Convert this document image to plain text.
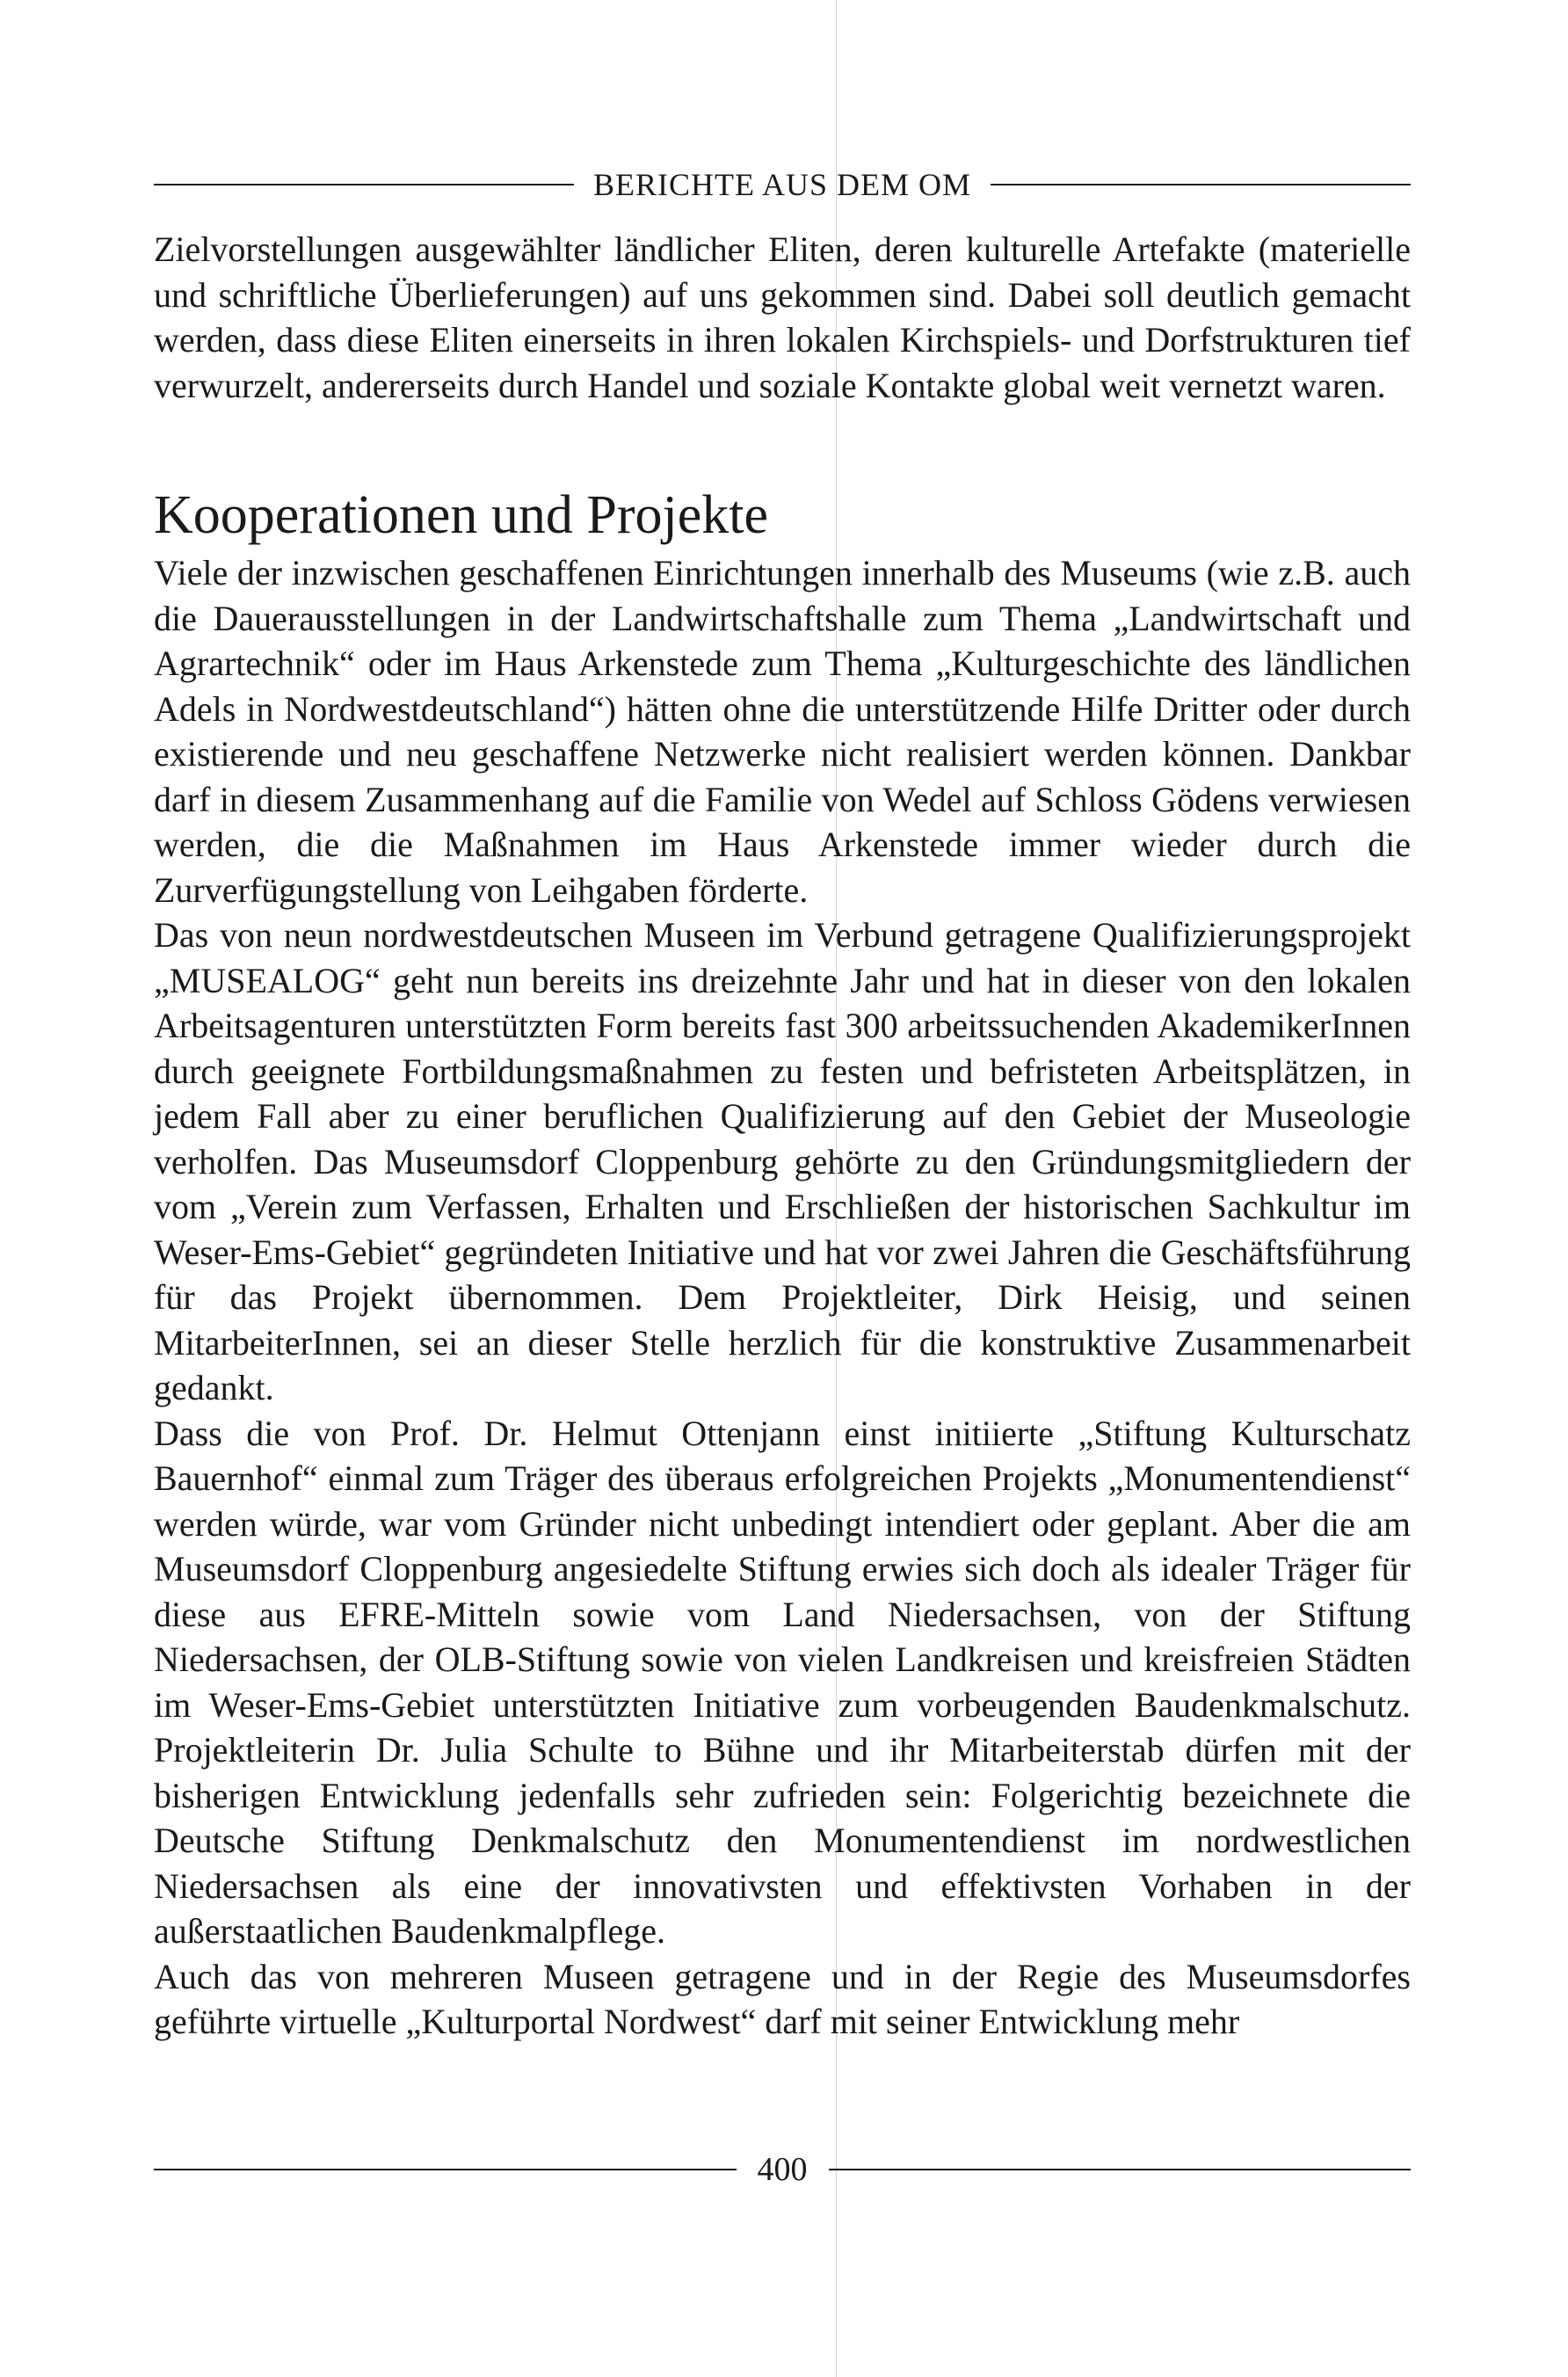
BERICHTE AUS DEM OM

Zielvorstellungen ausgewählter ländlicher Eliten, deren kulturelle Artefakte (materielle und schriftliche Überlieferungen) auf uns gekommen sind. Dabei soll deutlich gemacht werden, dass diese Eliten einerseits in ihren lokalen Kirchspiels- und Dorfstrukturen tief verwurzelt, andererseits durch Handel und soziale Kontakte global weit vernetzt waren.

Kooperationen und Projekte

Viele der inzwischen geschaffenen Einrichtungen innerhalb des Museums (wie z.B. auch die Dauerausstellungen in der Landwirtschaftshalle zum Thema „Landwirtschaft und Agrartechnik“ oder im Haus Arkenstede zum Thema „Kulturgeschichte des ländlichen Adels in Nordwestdeutschland“) hätten ohne die unterstützende Hilfe Dritter oder durch existierende und neu geschaffene Netzwerke nicht realisiert werden können. Dankbar darf in diesem Zusammenhang auf die Familie von Wedel auf Schloss Gödens verwiesen werden, die die Maßnahmen im Haus Arkenstede immer wieder durch die Zurverfügungstellung von Leihgaben förderte.

Das von neun nordwestdeutschen Museen im Verbund getragene Qualifizierungsprojekt „MUSEALOG“ geht nun bereits ins dreizehnte Jahr und hat in dieser von den lokalen Arbeitsagenturen unterstützten Form bereits fast 300 arbeitssuchenden AkademikerInnen durch geeignete Fortbildungsmaßnahmen zu festen und befristeten Arbeitsplätzen, in jedem Fall aber zu einer beruflichen Qualifizierung auf den Gebiet der Museologie verholfen. Das Museumsdorf Cloppenburg gehörte zu den Gründungsmitgliedern der vom „Verein zum Verfassen, Erhalten und Erschließen der historischen Sachkultur im Weser-Ems-Gebiet“ gegründeten Initiative und hat vor zwei Jahren die Geschäftsführung für das Projekt übernommen. Dem Projektleiter, Dirk Heisig, und seinen MitarbeiterInnen, sei an dieser Stelle herzlich für die konstruktive Zusammenarbeit gedankt.

Dass die von Prof. Dr. Helmut Ottenjann einst initiierte „Stiftung Kulturschatz Bauernhof“ einmal zum Träger des überaus erfolgreichen Projekts „Monumentendienst“ werden würde, war vom Gründer nicht unbedingt intendiert oder geplant. Aber die am Museumsdorf Cloppenburg angesiedelte Stiftung erwies sich doch als idealer Träger für diese aus EFRE-Mitteln sowie vom Land Niedersachsen, von der Stiftung Niedersachsen, der OLB-Stiftung sowie von vielen Landkreisen und kreisfreien Städten im Weser-Ems-Gebiet unterstützten Initiative zum vorbeugenden Baudenkmalschutz. Projektleiterin Dr. Julia Schulte to Bühne und ihr Mitarbeiterstab dürfen mit der bisherigen Entwicklung jedenfalls sehr zufrieden sein: Folgerichtig bezeichnete die Deutsche Stiftung Denkmalschutz den Monumentendienst im nordwestlichen Niedersachsen als eine der innovativsten und effektivsten Vorhaben in der außerstaatlichen Baudenkmalpflege.

Auch das von mehreren Museen getragene und in der Regie des Museumsdorfes geführte virtuelle „Kulturportal Nordwest“ darf mit seiner Entwicklung mehr

400
